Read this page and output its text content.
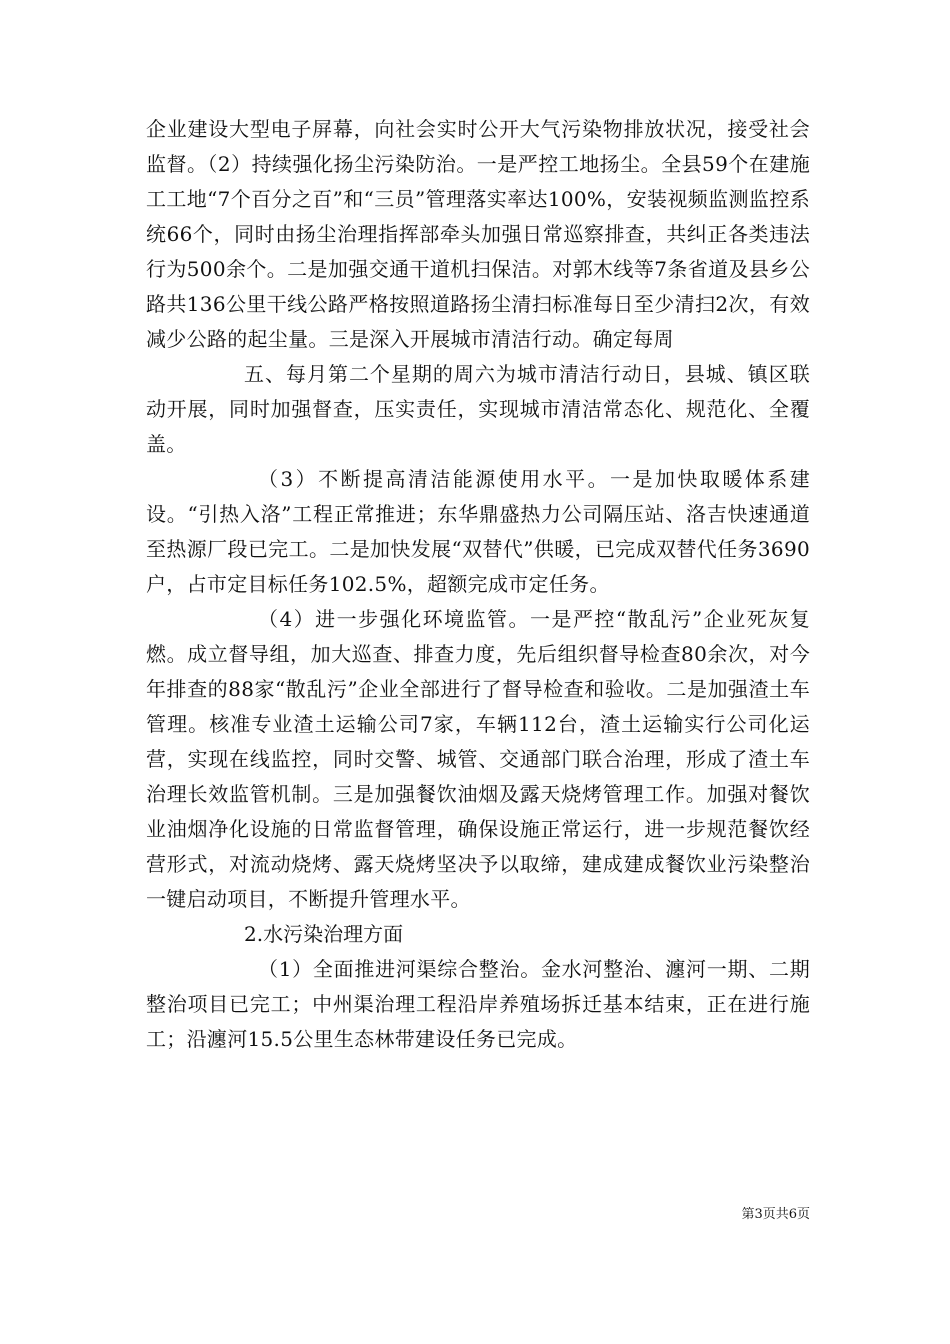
企业建设大型电子屏幕，向社会实时公开大气污染物排放状况，接受社会监督。（2）持续强化扬尘污染防治。一是严控工地扬尘。全县59个在建施工工地“7个百分之百”和“三员”管理落实率达100%，安装视频监测监控系统66个，同时由扬尘治理指挥部牵头加强日常巡察排查，共纠正各类违法行为500余个。二是加强交通干道机扫保洁。对郭木线等7条省道及县乡公路共136公里干线公路严格按照道路扬尘清扫标准每日至少清扫2次，有效减少公路的起尘量。三是深入开展城市清洁行动。确定每周

五、每月第二个星期的周六为城市清洁行动日，县城、镇区联动开展，同时加强督查，压实责任，实现城市清洁常态化、规范化、全覆盖。

（3）不断提高清洁能源使用水平。一是加快取暖体系建设。“引热入洛”工程正常推进；东华鼎盛热力公司隔压站、洛吉快速通道至热源厂段已完工。二是加快发展“双替代”供暖，已完成双替代任务3690户，占市定目标任务102.5%，超额完成市定任务。

（4）进一步强化环境监管。一是严控“散乱污”企业死灰复燃。成立督导组，加大巡查、排查力度，先后组织督导检查80余次，对今年排查的88家“散乱污”企业全部进行了督导检查和验收。二是加强渣土车管理。核准专业渣土运输公司7家，车辆112台，渣土运输实行公司化运营，实现在线监控，同时交警、城管、交通部门联合治理，形成了渣土车治理长效监管机制。三是加强餐饮油烟及露天烧烤管理工作。加强对餐饮业油烟净化设施的日常监督管理，确保设施正常运行，进一步规范餐饮经营形式，对流动烧烤、露天烧烤坚决予以取缔，建成建成餐饮业污染整治一键启动项目，不断提升管理水平。

2.水污染治理方面

（1）全面推进河渠综合整治。金水河整治、瀍河一期、二期整治项目已完工；中州渠治理工程沿岸养殖场拆迁基本结束，正在进行施工；沿瀍河15.5公里生态林带建设任务已完成。

第3页共6页
